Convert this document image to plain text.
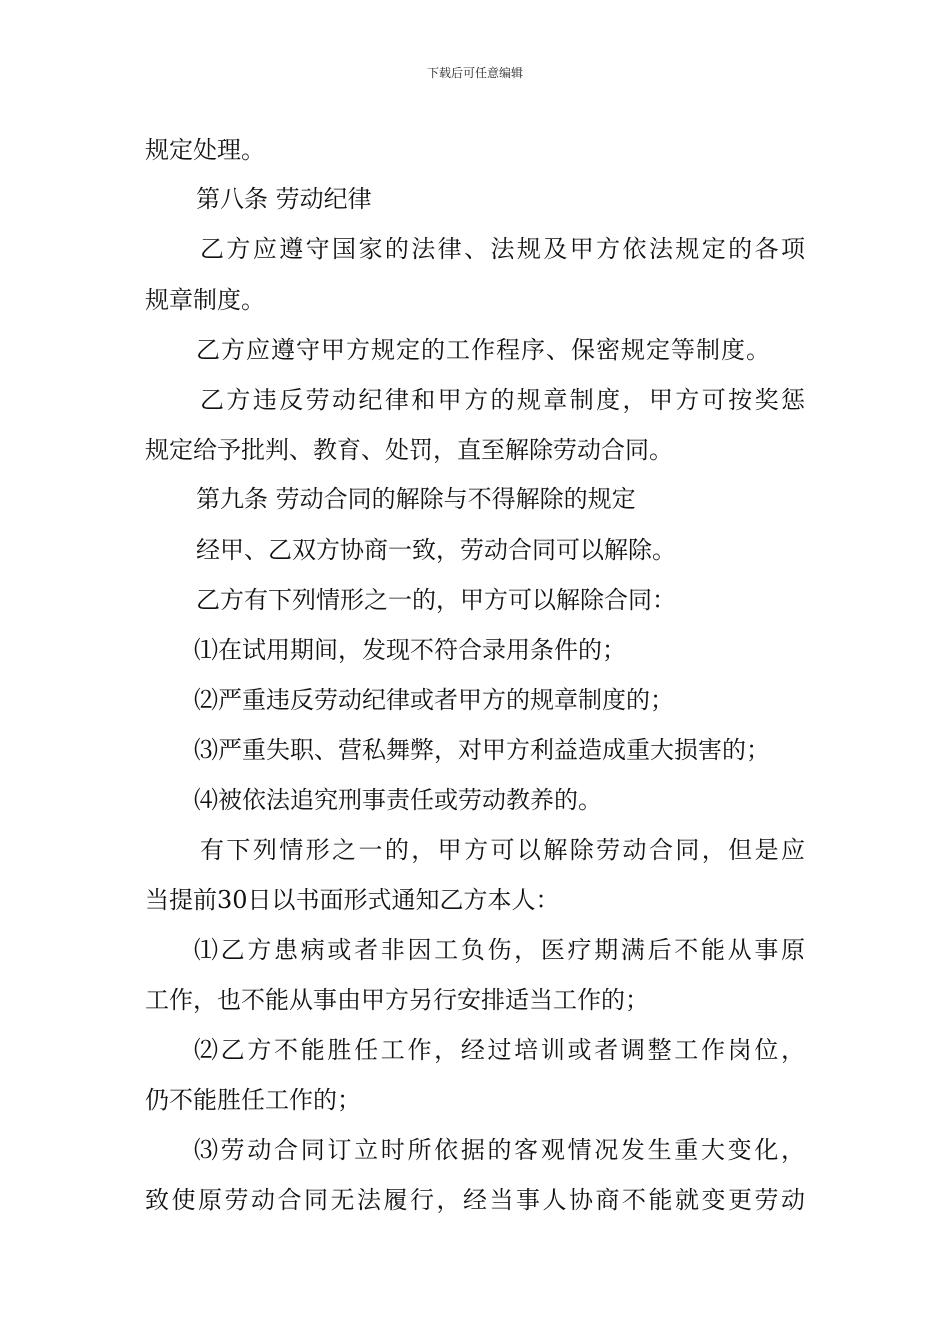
下载后可任意编辑
规定处理。
第八条 劳动纪律
乙方应遵守国家的法律、法规及甲方依法规定的各项
规章制度。
乙方应遵守甲方规定的工作程序、保密规定等制度。
乙方违反劳动纪律和甲方的规章制度，甲方可按奖惩
规定给予批判、教育、处罚，直至解除劳动合同。
第九条 劳动合同的解除与不得解除的规定
经甲、乙双方协商一致，劳动合同可以解除。
乙方有下列情形之一的，甲方可以解除合同：
⑴在试用期间，发现不符合录用条件的；
⑵严重违反劳动纪律或者甲方的规章制度的；
⑶严重失职、营私舞弊，对甲方利益造成重大损害的；
⑷被依法追究刑事责任或劳动教养的。
有下列情形之一的，甲方可以解除劳动合同，但是应
当提前30日以书面形式通知乙方本人：
⑴乙方患病或者非因工负伤，医疗期满后不能从事原
工作，也不能从事由甲方另行安排适当工作的；
⑵乙方不能胜任工作，经过培训或者调整工作岗位，
仍不能胜任工作的；
⑶劳动合同订立时所依据的客观情况发生重大变化，
致使原劳动合同无法履行，经当事人协商不能就变更劳动
